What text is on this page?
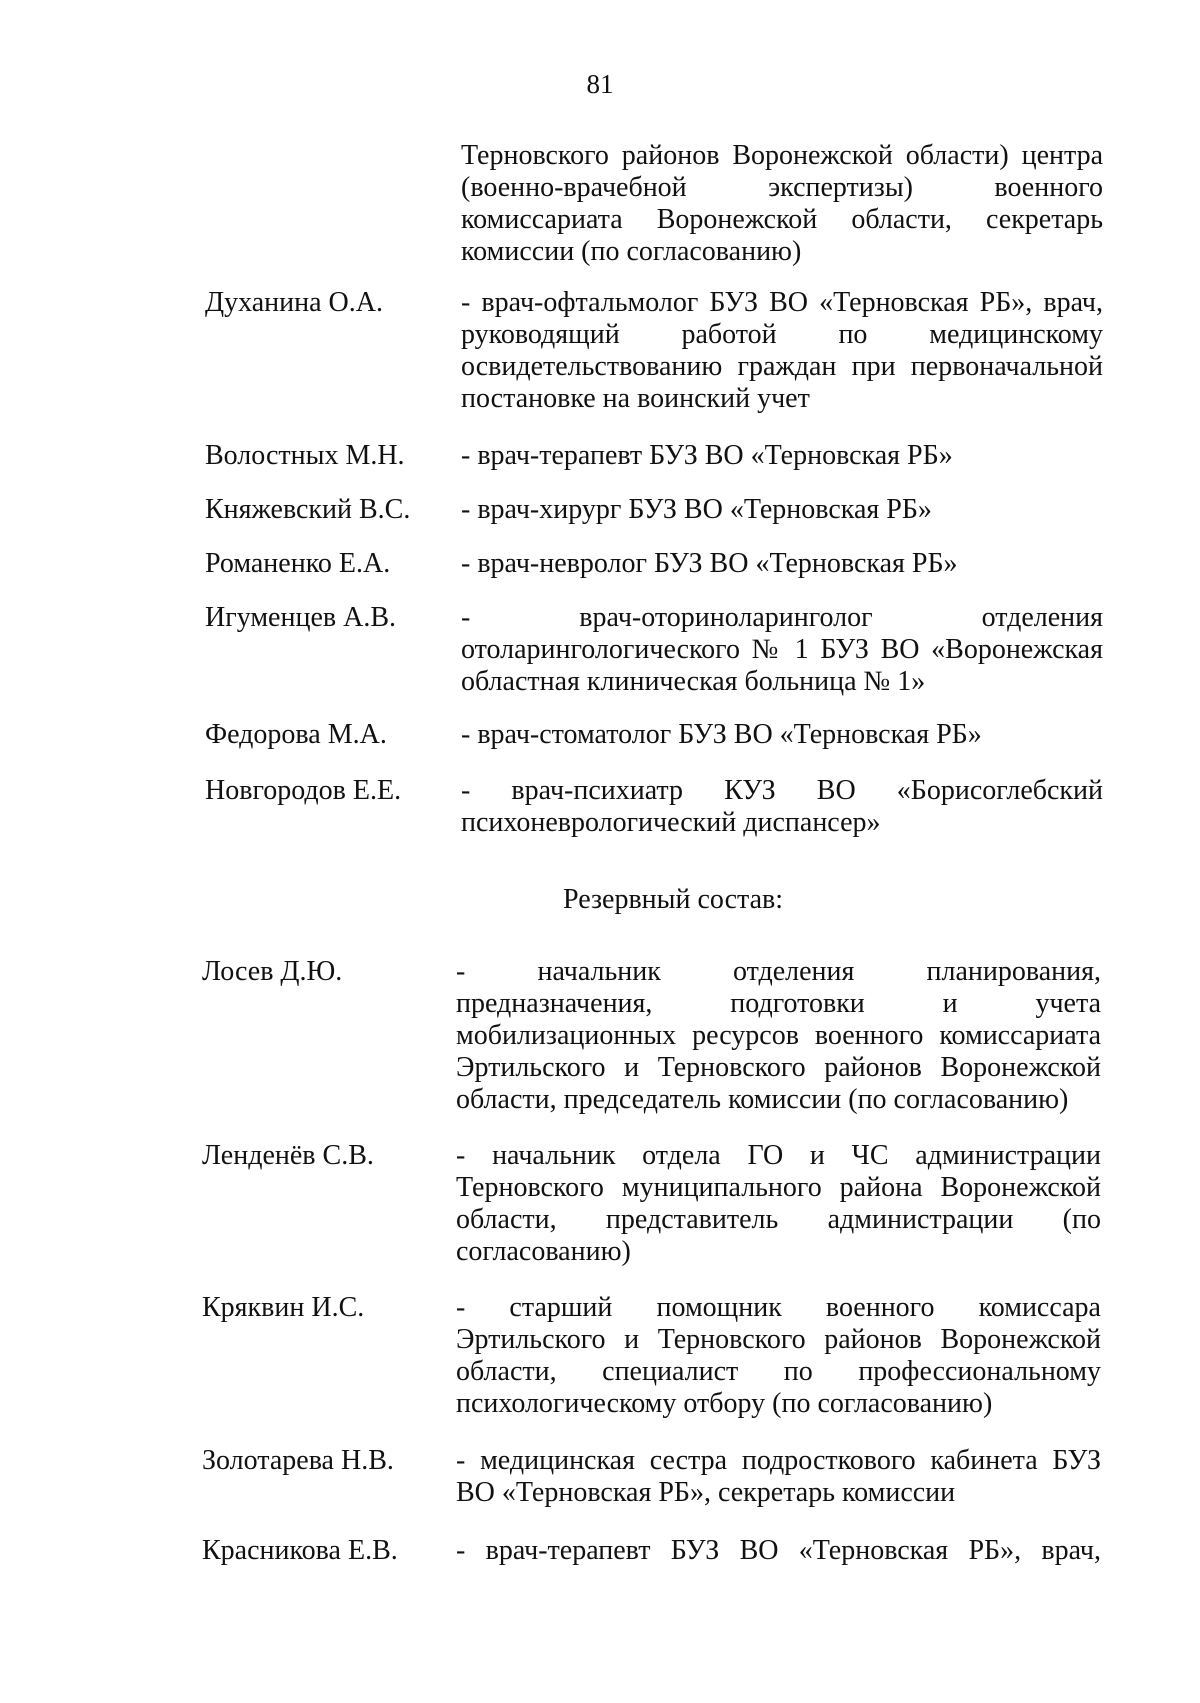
81
Терновского районов Воронежской области) центра
(военно-врачебной экспертизы) военного
комиссариата Воронежской области, секретарь
комиссии (по согласованию)
Духанина О.А.	- врач-офтальмолог БУЗ ВО «Терновская РБ», врач,
руководящий работой по медицинскому
освидетельствованию граждан при первоначальной
постановке на воинский учет
Волостных М.Н. - врач-терапевт БУЗ ВО «Терновская РБ»
Княжевский В.С. - врач-хирург БУЗ ВО «Терновская РБ»
Романенко Е.А.	- врач-невролог БУЗ ВО «Терновская РБ»
Игуменцев А.В. - врач-оториноларинголог отделения
отоларингологического № 1 БУЗ ВО «Воронежская
областная клиническая больница № 1»
Федорова М.А.	- врач-стоматолог БУЗ ВО «Терновская РБ»
Новгородов Е.Е. - врач-психиатр КУЗ ВО «Борисоглебский
психоневрологический диспансер»
Резервный состав:
Лосев Д.Ю.	- начальник отделения планирования,
предназначения, подготовки и учета
мобилизационных ресурсов военного комиссариата
Эртильского и Терновского районов Воронежской
области, председатель комиссии (по согласованию)
Ленденёв С.В.	- начальник отдела ГО и ЧС администрации
Терновского муниципального района Воронежской
области, представитель администрации (по
согласованию)
Кряквин И.С.	- старший помощник военного комиссара
Эртильского и Терновского районов Воронежской
области, специалист по профессиональному
психологическому отбору (по согласованию)
Золотарева Н.В. - медицинская сестра подросткового кабинета БУЗ
ВО «Терновская РБ», секретарь комиссии
Красникова Е.В. - врач-терапевт БУЗ ВО «Терновская РБ», врач,
